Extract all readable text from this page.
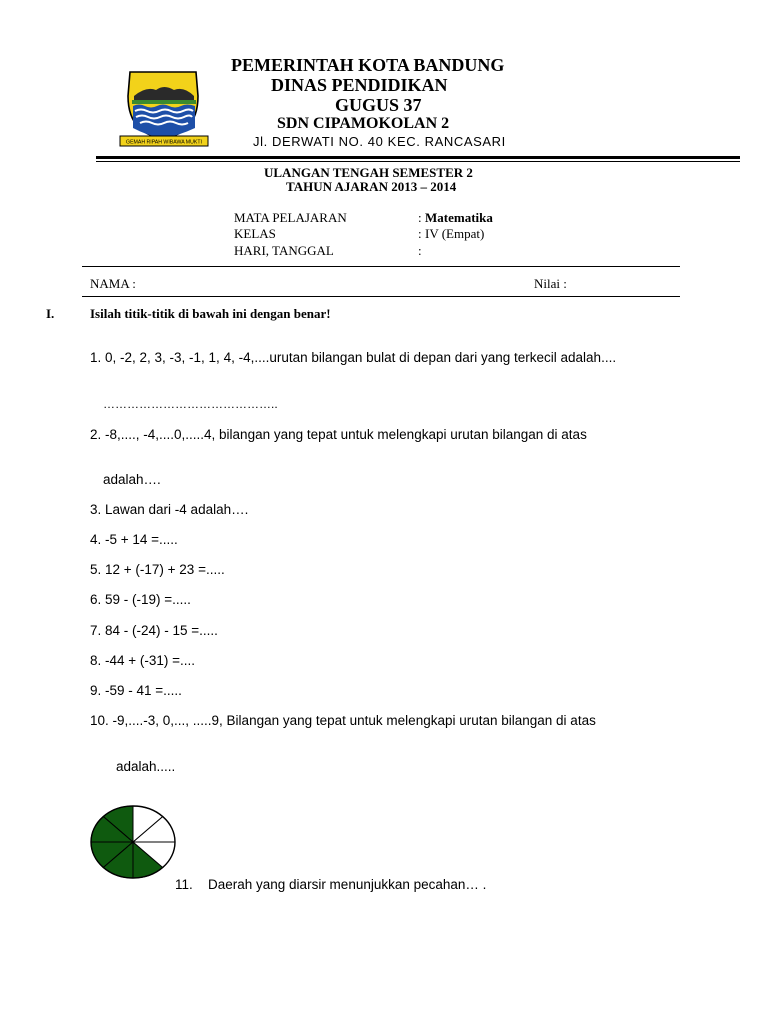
GEMAH RIPAH WIBAWA MUKTI
PEMERINTAH KOTA BANDUNG
DINAS PENDIDIKAN
GUGUS 37
SDN CIPAMOKOLAN 2
Jl. DERWATI NO. 40 KEC. RANCASARI
ULANGAN TENGAH SEMESTER 2
TAHUN AJARAN 2013 – 2014
MATA PELAJARAN	: Matematika
KELAS	: IV (Empat)
HARI, TANGGAL	:
NAMA :	Nilai :
I.	Isilah titik-titik di bawah ini dengan benar!
1. 0, -2, 2, 3, -3, -1, 1, 4, -4,....urutan bilangan bulat di depan dari yang terkecil adalah....
……………………………………..
2. -8,...., -4,....0,.....4, bilangan yang tepat untuk melengkapi urutan bilangan di atas
adalah….
3. Lawan dari -4 adalah….
4. -5 + 14 =.....
5. 12 + (-17) + 23 =.....
6. 59 - (-19) =.....
7. 84 - (-24) - 15 =.....
8. -44 + (-31) =....
9. -59 - 41 =.....
10. -9,....-3, 0,..., .....9, Bilangan yang tepat untuk melengkapi urutan bilangan di atas
adalah.....
11. Daerah yang diarsir menunjukkan pecahan… .
